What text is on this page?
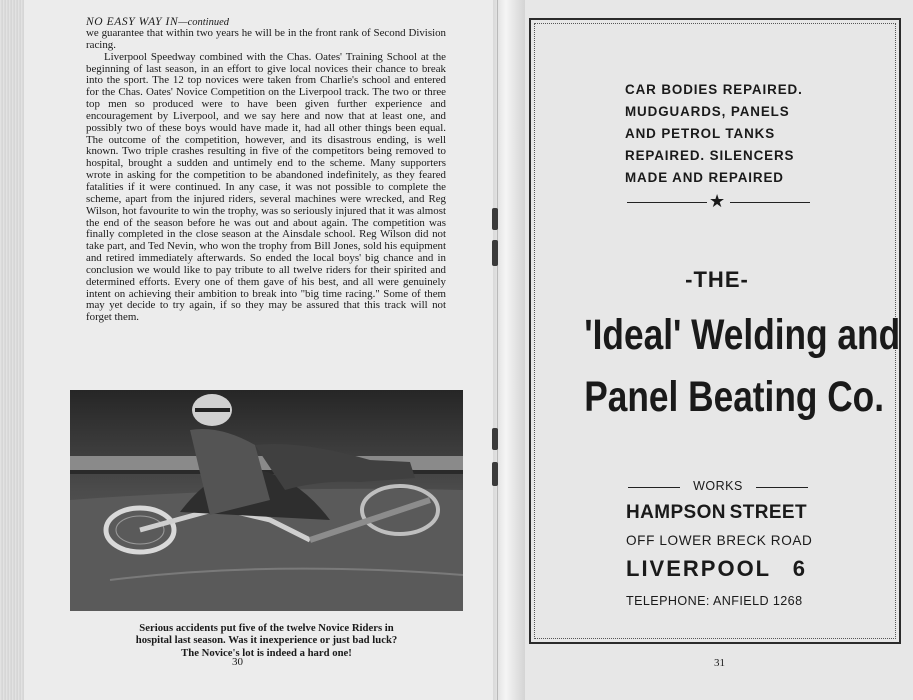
NO EASY WAY IN—continued

we guarantee that within two years he will be in the front rank of Second Division racing.

Liverpool Speedway combined with the Chas. Oates' Training School at the beginning of last season, in an effort to give local novices their chance to break into the sport. The 12 top novices were taken from Charlie's school and entered for the Chas. Oates' Novice Competition on the Liverpool track. The two or three top men so produced were to have been given further experience and encouragement by Liverpool, and we say here and now that at least one, and possibly two of these boys would have made it, had all other things been equal. The outcome of the competition, however, and its disastrous ending, is well known. Two triple crashes resulting in five of the competitors being removed to hospital, brought a sudden and untimely end to the scheme. Many supporters wrote in asking for the competition to be abandoned indefinitely, as they feared fatalities if it were continued. In any case, it was not possible to complete the scheme, apart from the injured riders, several machines were wrecked, and Reg Wilson, hot favourite to win the trophy, was so seriously injured that it was almost the end of the season before he was out and about again. The competition was finally completed in the close season at the Ainsdale school. Reg Wilson did not take part, and Ted Nevin, who won the trophy from Bill Jones, sold his equipment and retired immediately afterwards. So ended the local boys' big chance and in conclusion we would like to pay tribute to all twelve riders for their spirited and determined efforts. Every one of them gave of his best, and all were genuinely intent on achieving their ambition to break into "big time racing." Some of them may yet decide to try again, if so they may be assured that this track will not forget them.

Serious accidents put five of the twelve Novice Riders in
hospital last season. Was it inexperience or just bad luck?
The Novice's lot is indeed a hard one!
30
CAR BODIES REPAIRED.
MUDGUARDS, PANELS
AND PETROL TANKS
REPAIRED. SILENCERS
MADE AND REPAIRED
★
-THE-
'Ideal' Welding and
Panel Beating Co.
WORKS
HAMPSON STREET
OFF LOWER BRECK ROAD
LIVERPOOL 6
TELEPHONE: ANFIELD 1268
31
